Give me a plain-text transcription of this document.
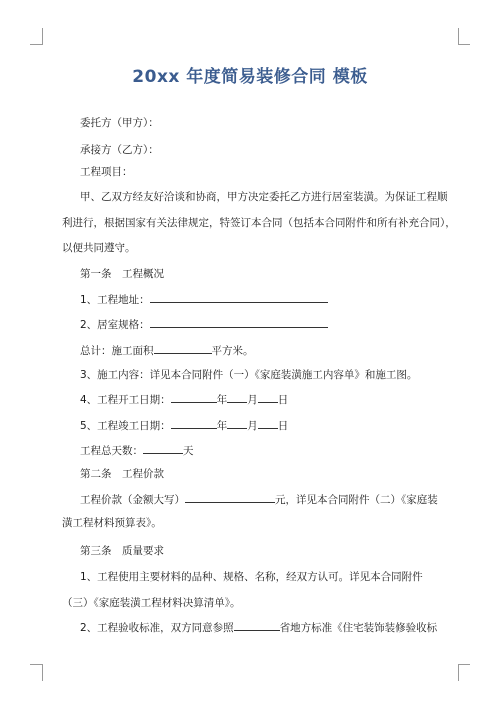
20xx 年度简易装修合同 模板
委托方（甲方）：
承接方（乙方）：
工程项目：
甲、乙双方经友好洽谈和协商，甲方决定委托乙方进行居室装潢。为保证工程顺
利进行，根据国家有关法律规定，特签订本合同（包括本合同附件和所有补充合同），
以便共同遵守。
第一条　工程概况
1、工程地址：
2、居室规格：
总计：施工面积	平方米。
3、施工内容：详见本合同附件（一）《家庭装潢施工内容单》和施工图。
4、工程开工日期：	年 月 日
5、工程竣工日期：	年 月 日
工程总天数：	天
第二条　工程价款
工程价款（金额大写）	元，详见本合同附件（二）《家庭装
潢工程材料预算表》。
第三条　质量要求
1、工程使用主要材料的品种、规格、名称，经双方认可。详见本合同附件
（三）《家庭装潢工程材料决算清单》。
2、工程验收标准，双方同意参照	省地方标准《住宅装饰装修验收标
